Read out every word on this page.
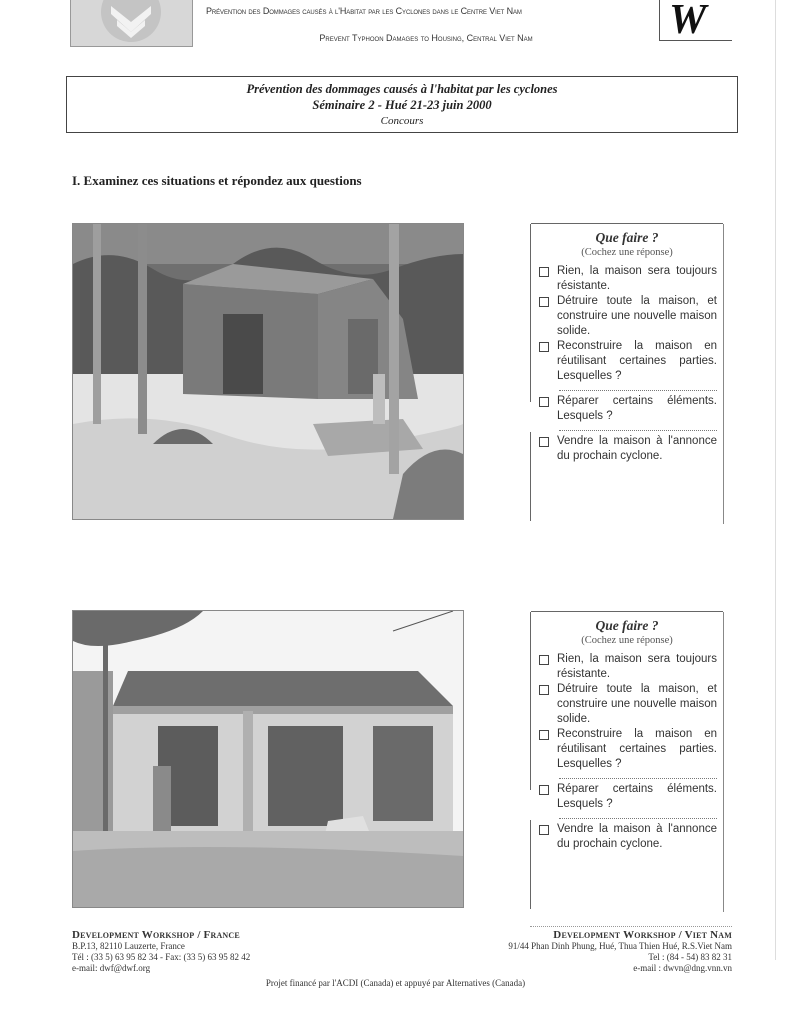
Prévention des Dommages causés à l'Habitat par les Cyclones dans le Centre Viet Nam
Prevent Typhoon Damages to Housing, Central Viet Nam	W
Prévention des dommages causés à l'habitat par les cyclones
Séminaire 2 - Hué 21-23 juin 2000
Concours
I. Examinez ces situations et répondez aux questions
Que faire ?
(Cochez une réponse)
Rien, la maison sera toujours résistante.
Détruire toute la maison, et construire une nouvelle maison solide.
Reconstruire la maison en réutilisant certaines parties. Lesquelles ?
Réparer certains éléments. Lesquels ?
Vendre la maison à l'annonce du prochain cyclone.
Que faire ?
(Cochez une réponse)
Rien, la maison sera toujours résistante.
Détruire toute la maison, et construire une nouvelle maison solide.
Reconstruire la maison en réutilisant certaines parties. Lesquelles ?
Réparer certains éléments. Lesquels ?
Vendre la maison à l'annonce du prochain cyclone.
Development Workshop / France
B.P.13, 82110 Lauzerte, France
Tél : (33 5) 63 95 82 34 - Fax: (33 5) 63 95 82 42
e-mail: dwf@dwf.org
Development Workshop / Viet Nam
91/44 Phan Dinh Phung, Hué, Thua Thien Hué, R.S.Viet Nam
Tel : (84 - 54) 83 82 31
e-mail : dwvn@dng.vnn.vn
Projet financé par l'ACDI (Canada) et appuyé par Alternatives (Canada)
